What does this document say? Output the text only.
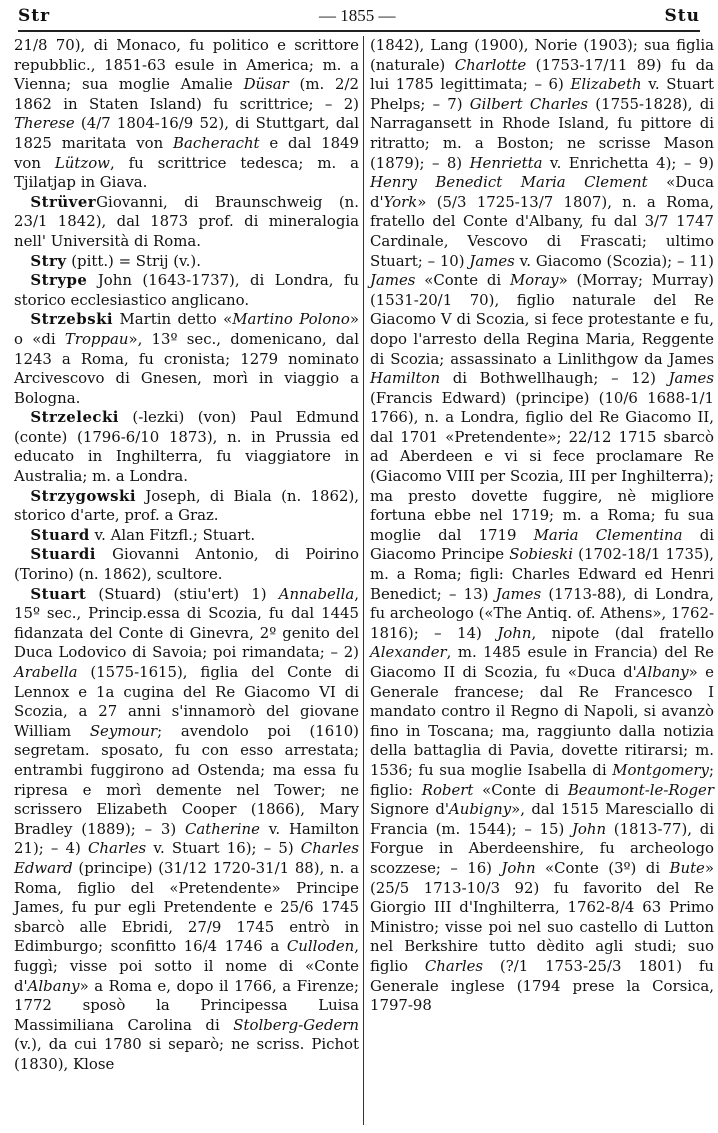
Str	— 1855 —	Stu

21/8 70), di Monaco, fu politico e scrittore repubblic., 1851-63 esule in America; m. a Vienna; sua moglie Amalie Düsar (m. 2/2 1862 in Staten Island) fu scrittrice; – 2) Therese (4/7 1804-16/9 52), di Stuttgart, dal 1825 maritata von Bacheracht e dal 1849 von Lützow, fu scrittrice tedesca; m. a Tjilatjap in Giava.

StrüverGiovanni, di Braunschweig (n. 23/1 1842), dal 1873 prof. di mineralogia nell' Università di Roma.

Stry (pitt.) = Strij (v.).

Strype John (1643-1737), di Londra, fu storico ecclesiastico anglicano.

Strzebski Martin detto «Martino Polono» o «di Troppau», 13º sec., domenicano, dal 1243 a Roma, fu cronista; 1279 nominato Arcivescovo di Gnesen, morì in viaggio a Bologna.

Strzelecki (-lezki) (von) Paul Edmund (conte) (1796-6/10 1873), n. in Prussia ed educato in Inghilterra, fu viaggiatore in Australia; m. a Londra.

Strzygowski Joseph, di Biala (n. 1862), storico d'arte, prof. a Graz.

Stuard v. Alan Fitzfl.; Stuart.

Stuardi Giovanni Antonio, di Poirino (Torino) (n. 1862), scultore.

Stuart (Stuard) (stiu'ert) 1) Annabella, 15º sec., Princip.essa di Scozia, fu dal 1445 fidanzata del Conte di Ginevra, 2º genito del Duca Lodovico di Savoia; poi rimandata; – 2) Arabella (1575-1615), figlia del Conte di Lennox e 1a cugina del Re Giacomo VI di Scozia, a 27 anni s'innamorò del giovane William Seymour; avendolo poi (1610) segretam. sposato, fu con esso arrestata; entrambi fuggirono ad Ostenda; ma essa fu ripresa e morì demente nel Tower; ne scrissero Elizabeth Cooper (1866), Mary Bradley (1889); – 3) Catherine v. Hamilton 21); – 4) Charles v. Stuart 16); – 5) Charles Edward (principe) (31/12 1720-31/1 88), n. a Roma, figlio del «Pretendente» Principe James, fu pur egli Pretendente e 25/6 1745 sbarcò alle Ebridi, 27/9 1745 entrò in Edimburgo; sconfitto 16/4 1746 a Culloden, fuggì; visse poi sotto il nome di «Conte d'Albany» a Roma e, dopo il 1766, a Firenze; 1772 sposò la Principessa Luisa Massimiliana Carolina di Stolberg-Gedern (v.), da cui 1780 si separò; ne scriss. Pichot (1830), Klose

(1842), Lang (1900), Norie (1903); sua figlia (naturale) Charlotte (1753-17/11 89) fu da lui 1785 legittimata; – 6) Elizabeth v. Stuart Phelps; – 7) Gilbert Charles (1755-1828), di Narragansett in Rhode Island, fu pittore di ritratto; m. a Boston; ne scrisse Mason (1879); – 8) Henrietta v. Enrichetta 4); – 9) Henry Benedict Maria Clement «Duca d'York» (5/3 1725-13/7 1807), n. a Roma, fratello del Conte d'Albany, fu dal 3/7 1747 Cardinale, Vescovo di Frascati; ultimo Stuart; – 10) James v. Giacomo (Scozia); – 11) James «Conte di Moray» (Morray; Murray) (1531-20/1 70), figlio naturale del Re Giacomo V di Scozia, si fece protestante e fu, dopo l'arresto della Regina Maria, Reggente di Scozia; assassinato a Linlithgow da James Hamilton di Bothwellhaugh; – 12) James (Francis Edward) (principe) (10/6 1688-1/1 1766), n. a Londra, figlio del Re Giacomo II, dal 1701 «Pretendente»; 22/12 1715 sbarcò ad Aberdeen e vi si fece proclamare Re (Giacomo VIII per Scozia, III per Inghilterra); ma presto dovette fuggire, nè migliore fortuna ebbe nel 1719; m. a Roma; fu sua moglie dal 1719 Maria Clementina di Giacomo Principe Sobieski (1702-18/1 1735), m. a Roma; figli: Charles Edward ed Henri Benedict; – 13) James (1713-88), di Londra, fu archeologo («The Antiq. of. Athens», 1762-1816); – 14) John, nipote (dal fratello Alexander, m. 1485 esule in Francia) del Re Giacomo II di Scozia, fu «Duca d'Albany» e Generale francese; dal Re Francesco I mandato contro il Regno di Napoli, si avanzò fino in Toscana; ma, raggiunto dalla notizia della battaglia di Pavia, dovette ritirarsi; m. 1536; fu sua moglie Isabella di Montgomery; figlio: Robert «Conte di Beaumont-le-Roger Signore d'Aubigny», dal 1515 Maresciallo di Francia (m. 1544); – 15) John (1813-77), di Forgue in Aberdeenshire, fu archeologo scozzese; – 16) John «Conte (3º) di Bute» (25/5 1713-10/3 92) fu favorito del Re Giorgio III d'Inghilterra, 1762-8/4 63 Primo Ministro; visse poi nel suo castello di Lutton nel Berkshire tutto dèdito agli studi; suo figlio Charles (?/1 1753-25/3 1801) fu Generale inglese (1794 prese la Corsica, 1797-98
